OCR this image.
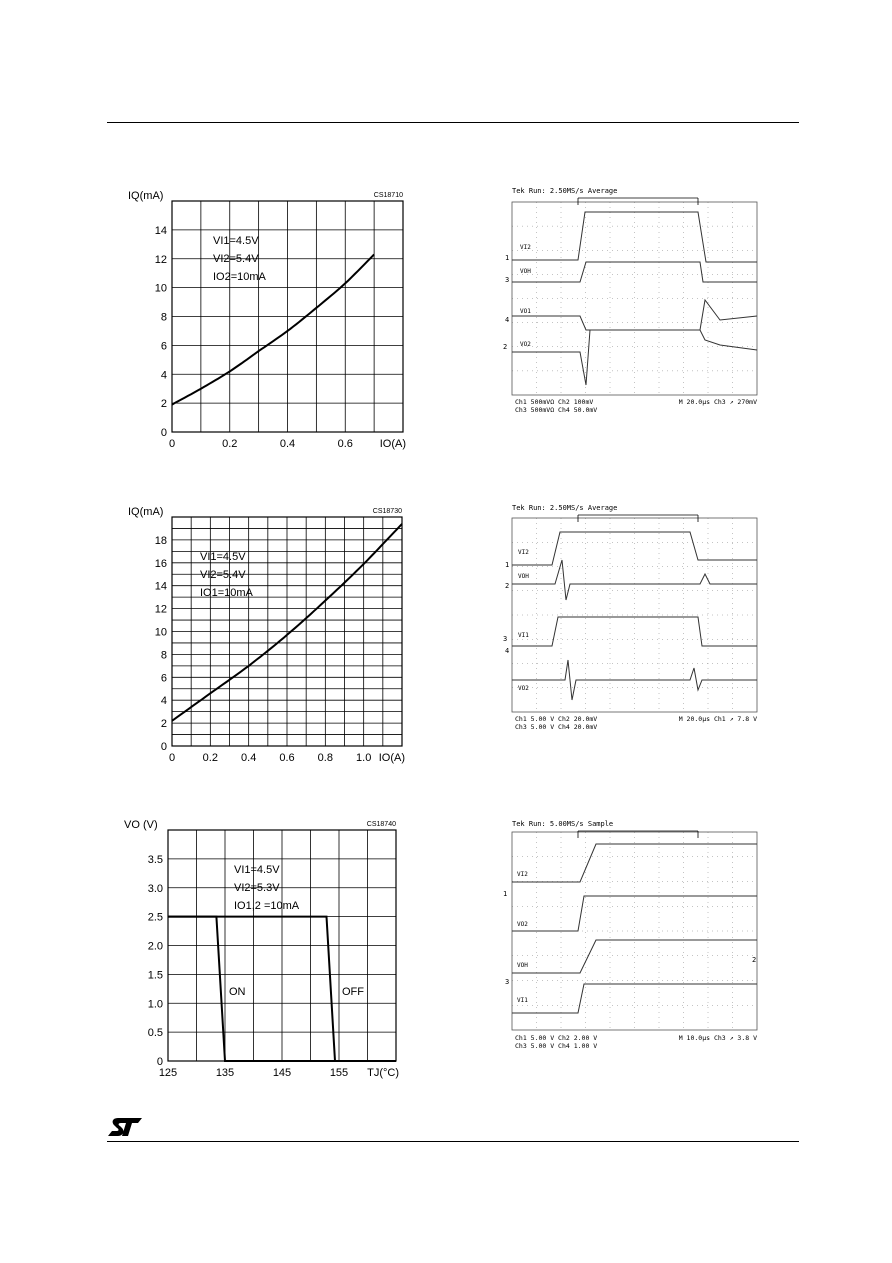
0	0.2	0.4	0.6
0
2
4
6
8
10
12
14
IQ(mA)
IO(A)
CS18710
VI1=4.5V
VI2=5.4V
IO2=10mA
0	0.2 0.4 0.6 0.8 1.0
0
2
4
6
8
10
12
14
16
18
IQ(mA)
IO(A)
CS18730
VI1=4.5V
VI2=5.4V
IO1=10mA
125	135	145	155
0
0.5
1.0
1.5
2.0
2.5
3.0
3.5
VO (V)
TJ(°C)
CS18740
VI1=4.5V
VI2=5.3V
IO1,2 =10mA
ON	OFF
Tek Run: 2.50MS/s Average
VI2
VOH
VO1
VO2
1
3
4
2
Ch1 500mVΩ Ch2 100mV
Ch3 500mVΩ Ch4 50.0mV
M 20.0µs Ch3 ↗ 270mV
Tek Run: 2.50MS/s Average
VI2
VOH
VI1
VO2
1
2
3
4
Ch1 5.00 V Ch2 20.0mV
Ch3 5.00 V Ch4 20.0mV
M 20.0µs Ch1 ↗ 7.8 V
Tek Run: 5.00MS/s Sample
VI2
VO2
VOH
VI1
1
3
2
Ch1 5.00 V Ch2 2.00 V
Ch3 5.00 V Ch4 1.00 V
M 10.0µs Ch3 ↗ 3.8 V
